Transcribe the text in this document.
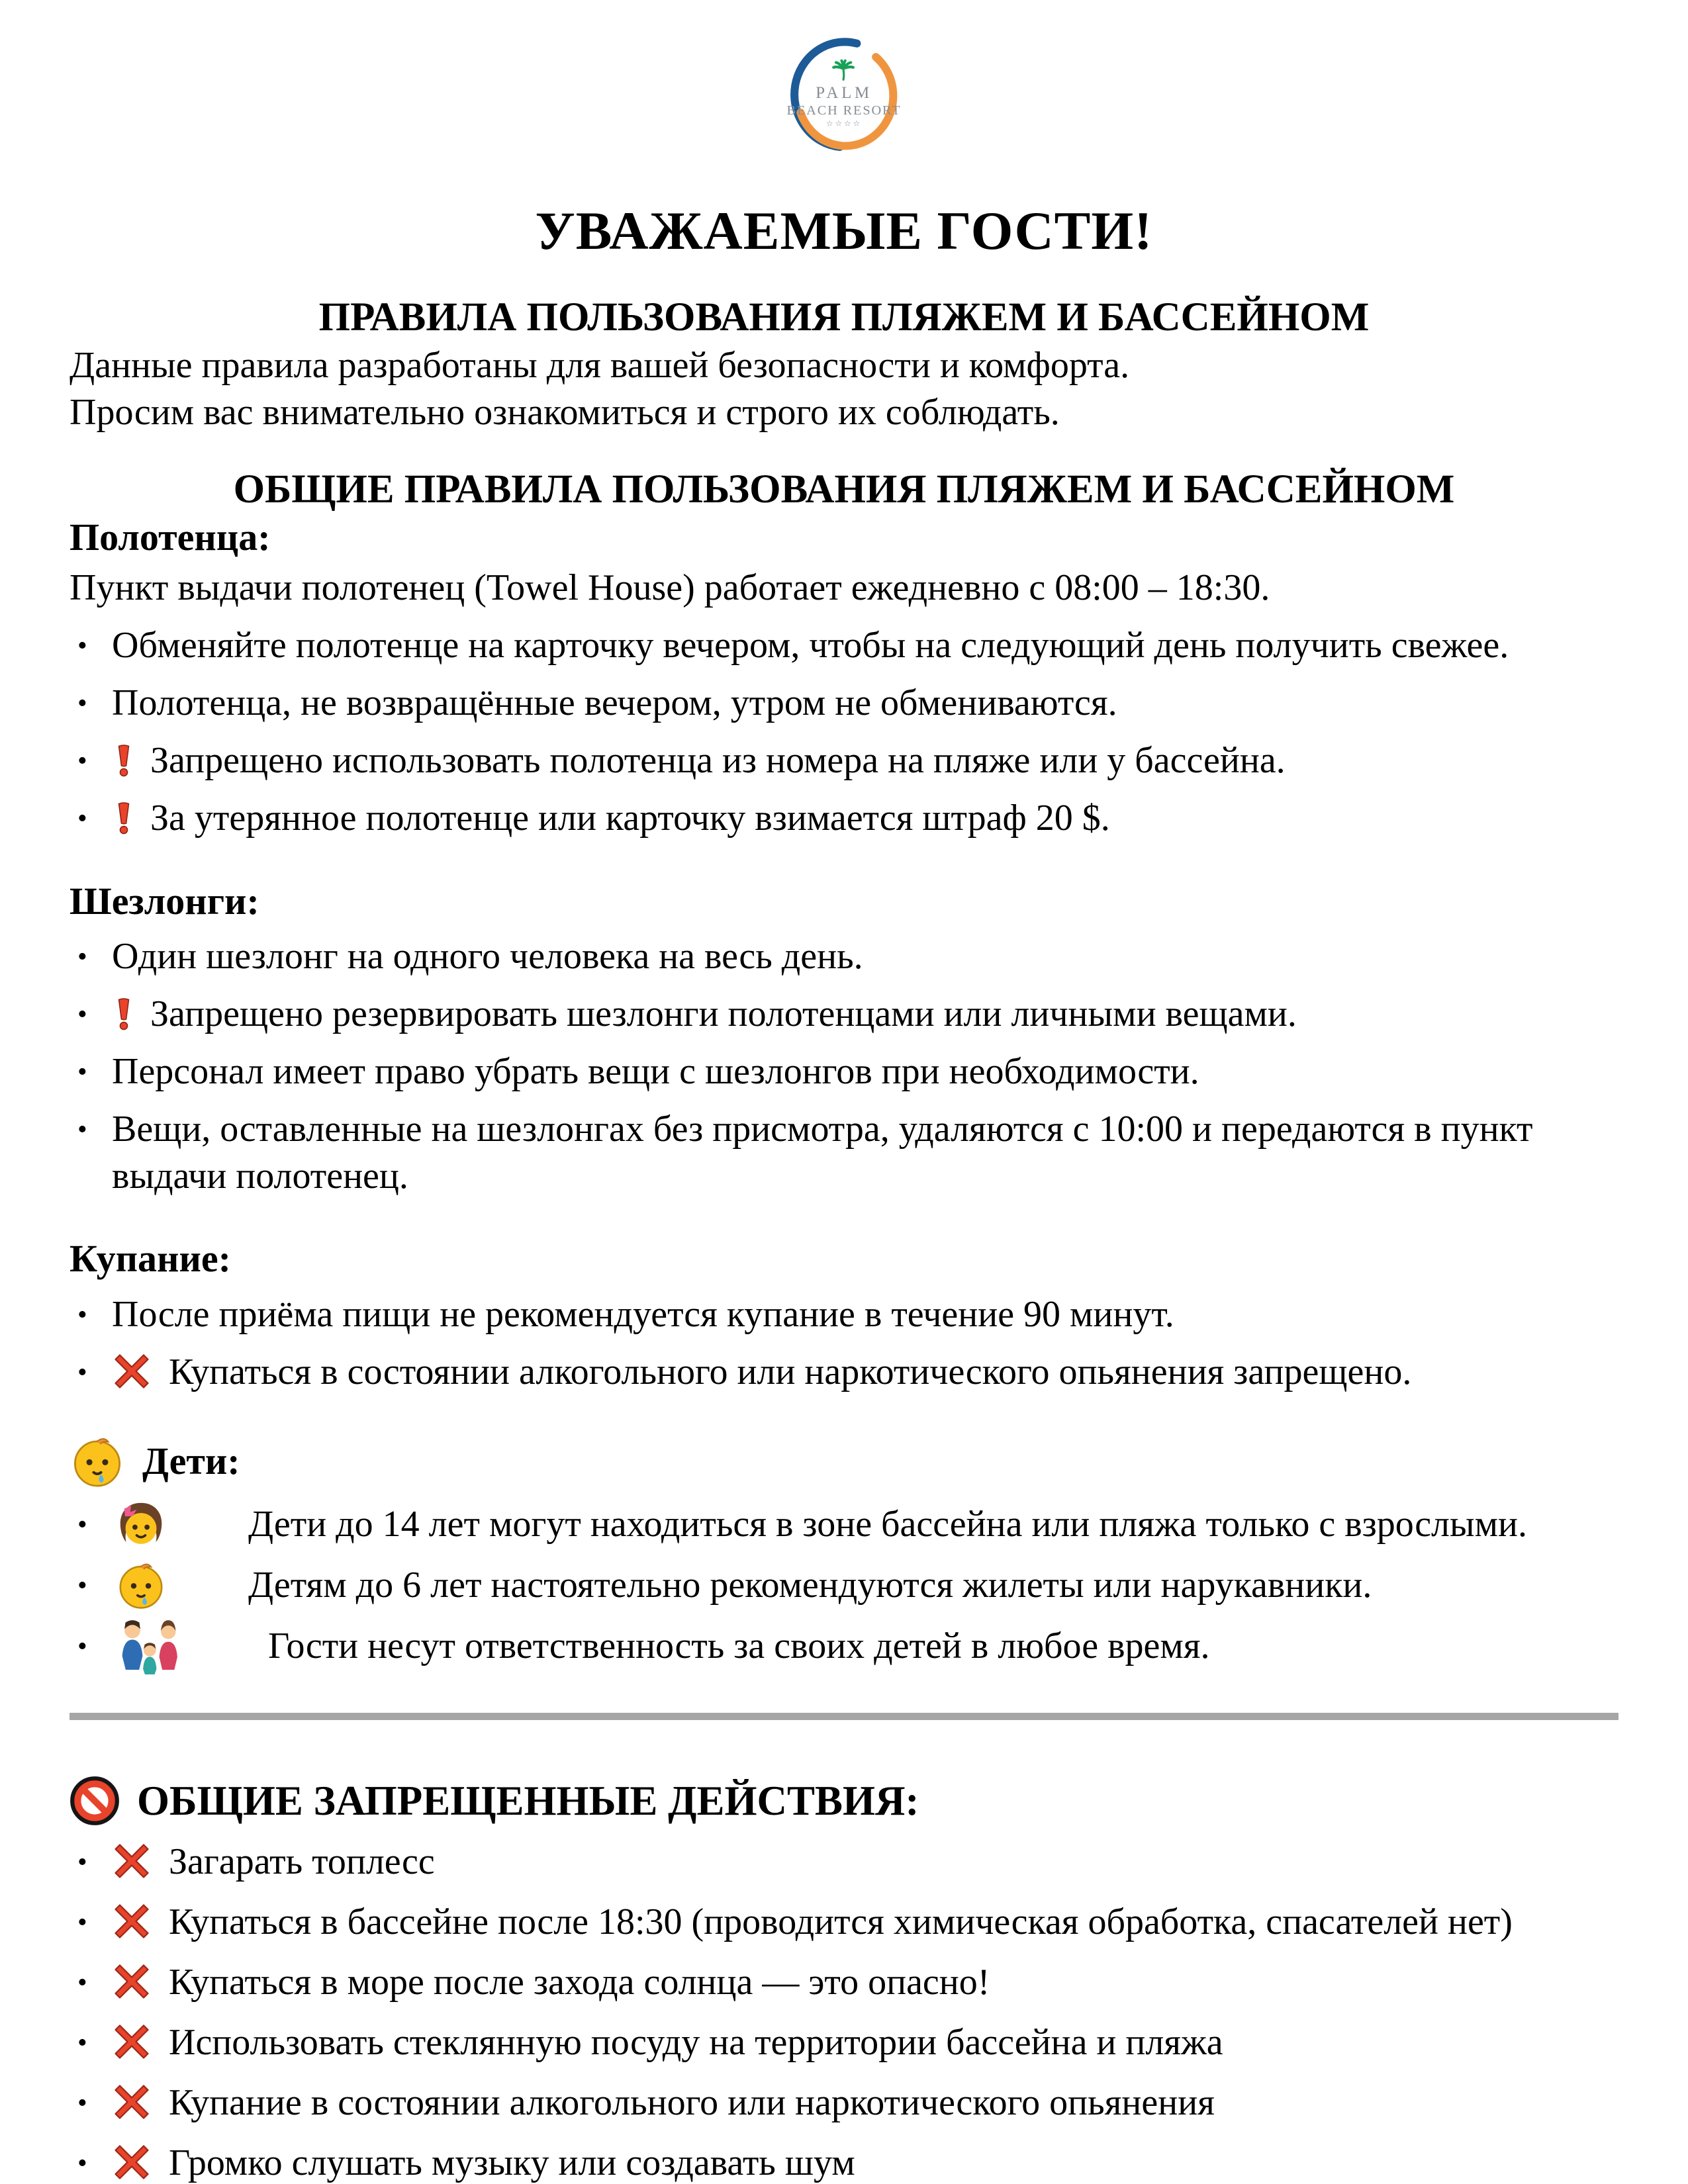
PALM
BEACH RESORT
☆☆☆☆
УВАЖАЕМЫЕ ГОСТИ!
ПРАВИЛА ПОЛЬЗОВАНИЯ ПЛЯЖЕМ И БАССЕЙНОМ

Данные правила разработаны для вашей безопасности и комфорта.

Просим вас внимательно ознакомиться и строго их соблюдать.

ОБЩИЕ ПРАВИЛА ПОЛЬЗОВАНИЯ ПЛЯЖЕМ И БАССЕЙНОМ
Полотенца:

Пункт выдачи полотенец (Towel House) работает ежедневно с 08:00 – 18:30.

• Обменяйте полотенце на карточку вечером, чтобы на следующий день получить свежее.
• Полотенца, не возвращённые вечером, утром не обмениваются.
• Запрещено использовать полотенца из номера на пляже или у бассейна.
• За утерянное полотенце или карточку взимается штраф 20 $.
Шезлонги:
• Один шезлонг на одного человека на весь день.
• Запрещено резервировать шезлонги полотенцами или личными вещами.
• Персонал имеет право убрать вещи с шезлонгов при необходимости.
• Вещи, оставленные на шезлонгах без присмотра, удаляются с 10:00 и передаются в пункт выдачи полотенец.
Купание:
• После приёма пищи не рекомендуется купание в течение 90 минут.
• Купаться в состоянии алкогольного или наркотического опьянения запрещено.
Дети:
•	Дети до 14 лет могут находиться в зоне бассейна или пляжа только с взрослыми.
•	Детям до 6 лет настоятельно рекомендуются жилеты или нарукавники.
•	Гости несут ответственность за своих детей в любое время.
ОБЩИЕ ЗАПРЕЩЕННЫЕ ДЕЙСТВИЯ:
• Загарать топлесс
• Купаться в бассейне после 18:30 (проводится химическая обработка, спасателей нет)
• Купаться в море после захода солнца — это опасно!
• Использовать стеклянную посуду на территории бассейна и пляжа
• Купание в состоянии алкогольного или наркотического опьянения
• Громко слушать музыку или создавать шум
